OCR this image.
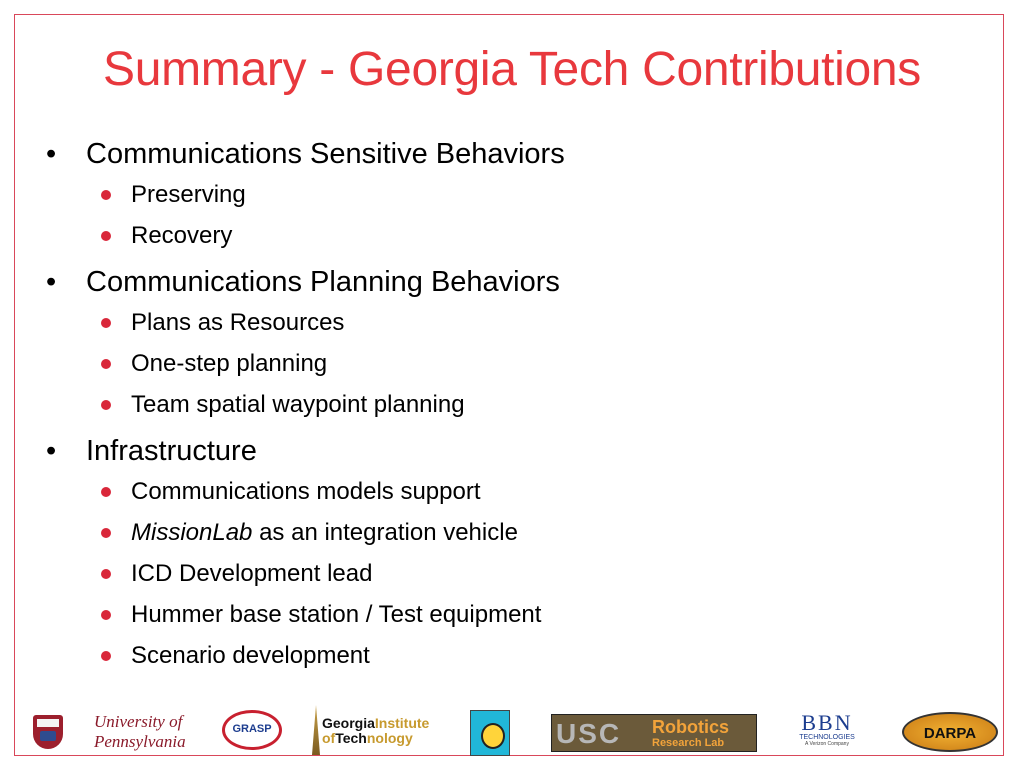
Summary - Georgia Tech Contributions
• Communications Sensitive Behaviors
Preserving
Recovery
• Communications Planning Behaviors
Plans as Resources
One-step planning
Team spatial waypoint planning
• Infrastructure
Communications models support
MissionLab as an integration vehicle
ICD Development lead
Hummer base station / Test equipment
Scenario development
University of
Pennsylvania
GRASP	GeorgiaInstitute
ofTechnology	USC Robotics
Research Lab
BBN
TECHNOLOGIES
A Verizon Company
DARPA
